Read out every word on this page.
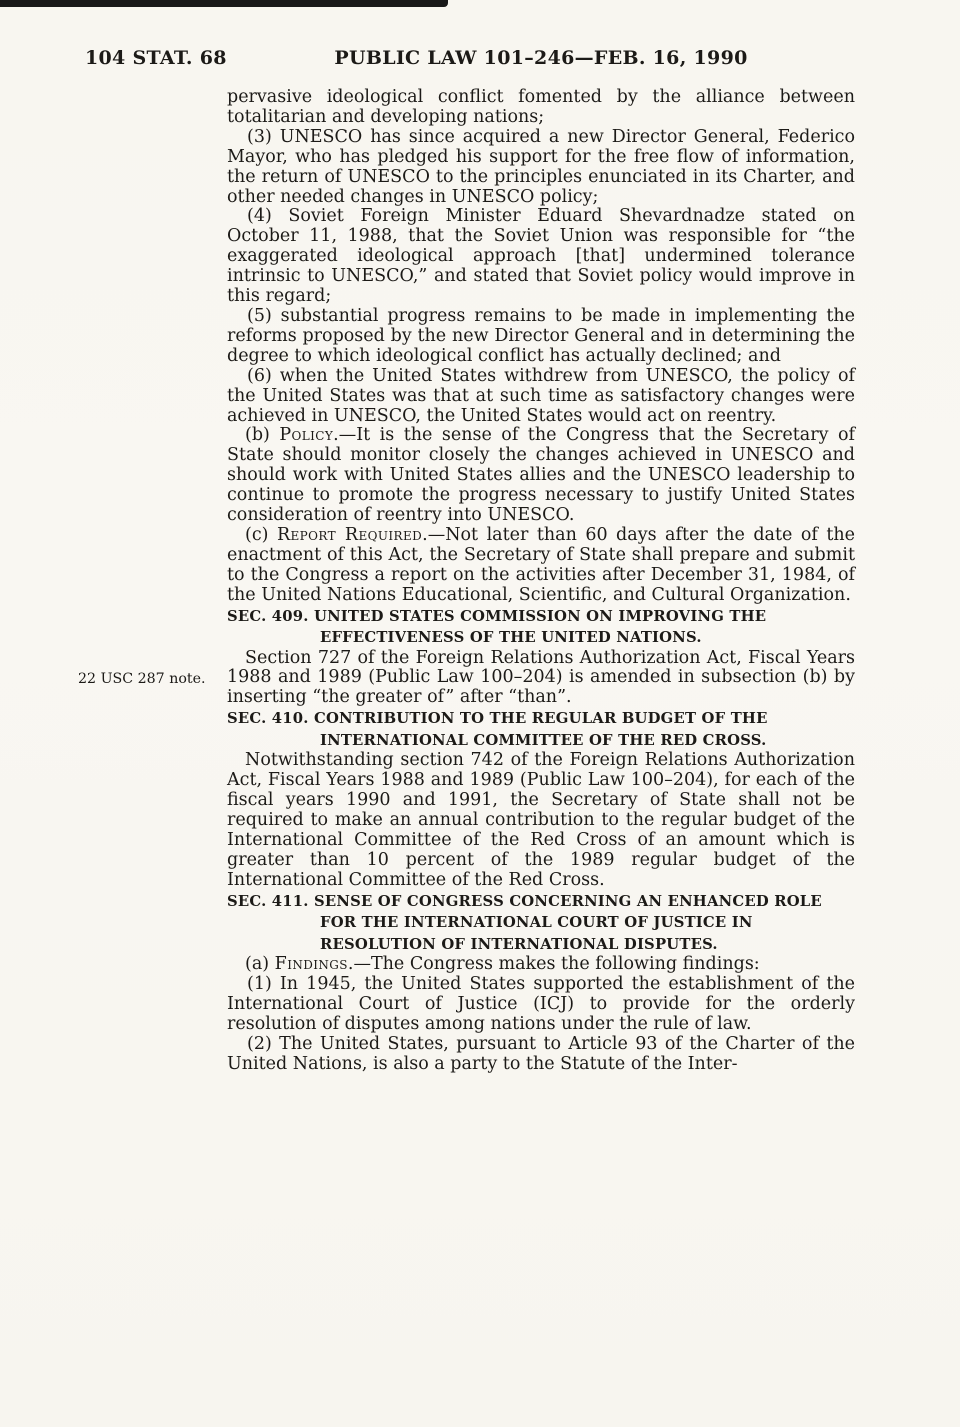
104 STAT. 68	PUBLIC LAW 101–246—FEB. 16, 1990

pervasive ideological conflict fomented by the alliance between totalitarian and developing nations;

(3) UNESCO has since acquired a new Director General, Federico Mayor, who has pledged his support for the free flow of information, the return of UNESCO to the principles enunciated in its Charter, and other needed changes in UNESCO policy;

(4) Soviet Foreign Minister Eduard Shevardnadze stated on October 11, 1988, that the Soviet Union was responsible for “the exaggerated ideological approach [that] undermined tolerance intrinsic to UNESCO,” and stated that Soviet policy would improve in this regard;

(5) substantial progress remains to be made in implementing the reforms proposed by the new Director General and in determining the degree to which ideological conflict has actually declined; and

(6) when the United States withdrew from UNESCO, the policy of the United States was that at such time as satisfactory changes were achieved in UNESCO, the United States would act on reentry.

(b) Policy.—It is the sense of the Congress that the Secretary of State should monitor closely the changes achieved in UNESCO and should work with United States allies and the UNESCO leadership to continue to promote the progress necessary to justify United States consideration of reentry into UNESCO.

(c) Report Required.—Not later than 60 days after the date of the enactment of this Act, the Secretary of State shall prepare and submit to the Congress a report on the activities after December 31, 1984, of the United Nations Educational, Scientific, and Cultural Organization.

SEC. 409. UNITED STATES COMMISSION ON IMPROVING THE EFFECTIVENESS OF THE UNITED NATIONS.

22 USC 287 note.

Section 727 of the Foreign Relations Authorization Act, Fiscal Years 1988 and 1989 (Public Law 100–204) is amended in subsection (b) by inserting “the greater of” after “than”.

SEC. 410. CONTRIBUTION TO THE REGULAR BUDGET OF THE INTERNATIONAL COMMITTEE OF THE RED CROSS.

Notwithstanding section 742 of the Foreign Relations Authorization Act, Fiscal Years 1988 and 1989 (Public Law 100–204), for each of the fiscal years 1990 and 1991, the Secretary of State shall not be required to make an annual contribution to the regular budget of the International Committee of the Red Cross of an amount which is greater than 10 percent of the 1989 regular budget of the International Committee of the Red Cross.

SEC. 411. SENSE OF CONGRESS CONCERNING AN ENHANCED ROLE FOR THE INTERNATIONAL COURT OF JUSTICE IN RESOLUTION OF INTERNATIONAL DISPUTES.

(a) Findings.—The Congress makes the following findings:

(1) In 1945, the United States supported the establishment of the International Court of Justice (ICJ) to provide for the orderly resolution of disputes among nations under the rule of law.

(2) The United States, pursuant to Article 93 of the Charter of the United Nations, is also a party to the Statute of the Inter-
